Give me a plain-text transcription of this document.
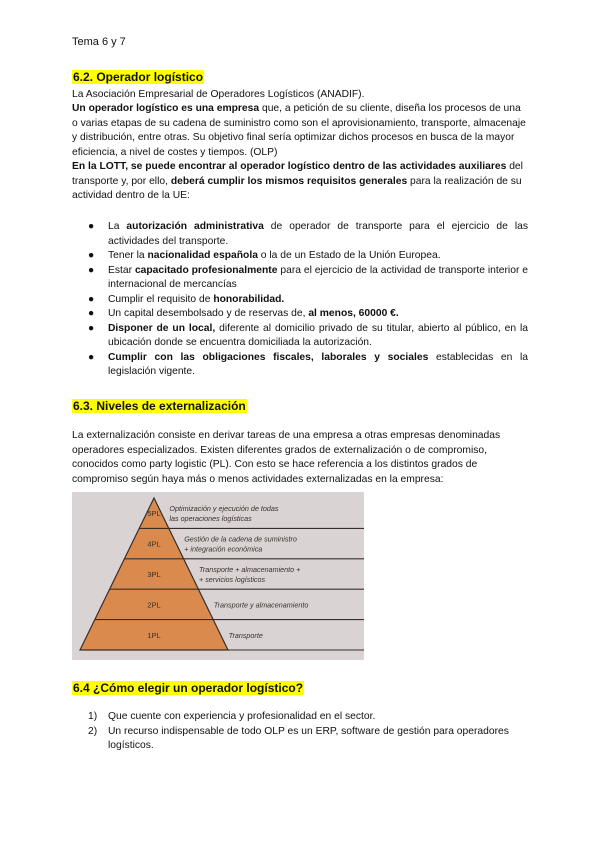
Tema 6 y 7
6.2. Operador logístico
La Asociación Empresarial de Operadores Logísticos (ANADIF).
Un operador logístico es una empresa que, a petición de su cliente, diseña los procesos de una o varias etapas de su cadena de suministro como son el aprovisionamiento, transporte, almacenaje y distribución, entre otras. Su objetivo final sería optimizar dichos procesos en busca de la mayor eficiencia, a nivel de costes y tiempos. (OLP)
En la LOTT, se puede encontrar al operador logístico dentro de las actividades auxiliares del transporte y, por ello, deberá cumplir los mismos requisitos generales para la realización de su actividad dentro de la UE:
● La autorización administrativa de operador de transporte para el ejercicio de las actividades del transporte.
● Tener la nacionalidad española o la de un Estado de la Unión Europea.
● Estar capacitado profesionalmente para el ejercicio de la actividad de transporte interior e internacional de mercancías
● Cumplir el requisito de honorabilidad.
● Un capital desembolsado y de reservas de, al menos, 60000 €.
● Disponer de un local, diferente al domicilio privado de su titular, abierto al público, en la ubicación donde se encuentra domiciliada la autorización.
● Cumplir con las obligaciones fiscales, laborales y sociales establecidas en la legislación vigente.
6.3. Niveles de externalización
La externalización consiste en derivar tareas de una empresa a otras empresas denominadas operadores especializados. Existen diferentes grados de externalización o de compromiso, conocidos como party logistic (PL). Con esto se hace referencia a los distintos grados de compromiso según haya más o menos actividades externalizadas en la empresa:
5PL
Optimización y ejecución de todas
las operaciones logísticas
4PL
Gestión de la cadena de suministro
+ integración económica
3PL
Transporte + almacenamiento +
+ servicios logísticos
2PL	Transporte y almacenamiento
1PL	Transporte
6.4 ¿Cómo elegir un operador logístico?
1) Que cuente con experiencia y profesionalidad en el sector.
2) Un recurso indispensable de todo OLP es un ERP, software de gestión para operadores logísticos.
